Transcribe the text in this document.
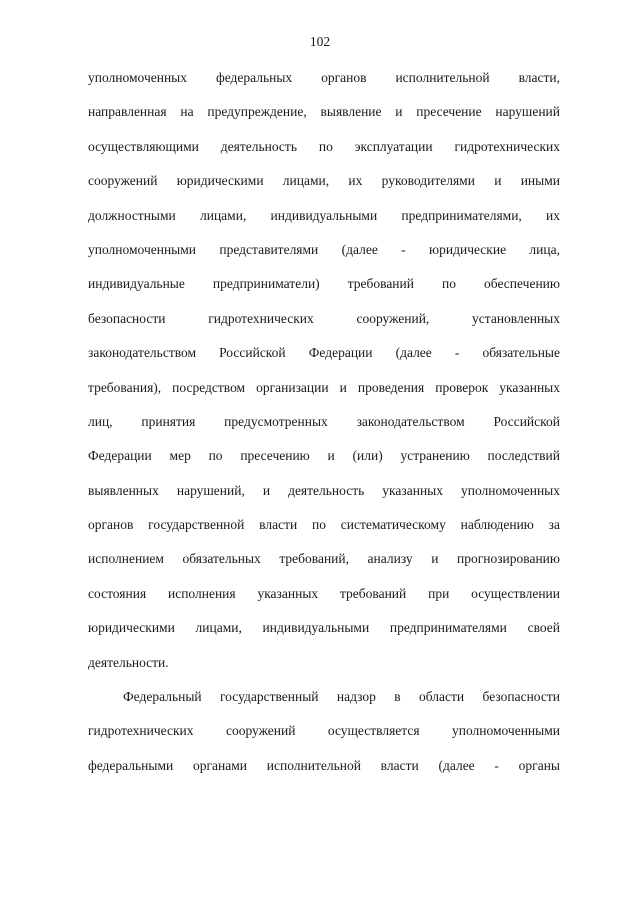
102
уполномоченных федеральных органов исполнительной власти,
направленная на предупреждение, выявление и пресечение нарушений
осуществляющими деятельность по эксплуатации гидротехнических
сооружений юридическими лицами, их руководителями и иными
должностными лицами, индивидуальными предпринимателями, их
уполномоченными представителями (далее - юридические лица,
индивидуальные предприниматели) требований по обеспечению
безопасности гидротехнических сооружений, установленных
законодательством Российской Федерации (далее - обязательные
требования), посредством организации и проведения проверок указанных
лиц, принятия предусмотренных законодательством Российской
Федерации мер по пресечению и (или) устранению последствий
выявленных нарушений, и деятельность указанных уполномоченных
органов государственной власти по систематическому наблюдению за
исполнением обязательных требований, анализу и прогнозированию
состояния исполнения указанных требований при осуществлении
юридическими лицами, индивидуальными предпринимателями своей
деятельности.
Федеральный государственный надзор в области безопасности
гидротехнических сооружений осуществляется уполномоченными
федеральными органами исполнительной власти (далее - органы
